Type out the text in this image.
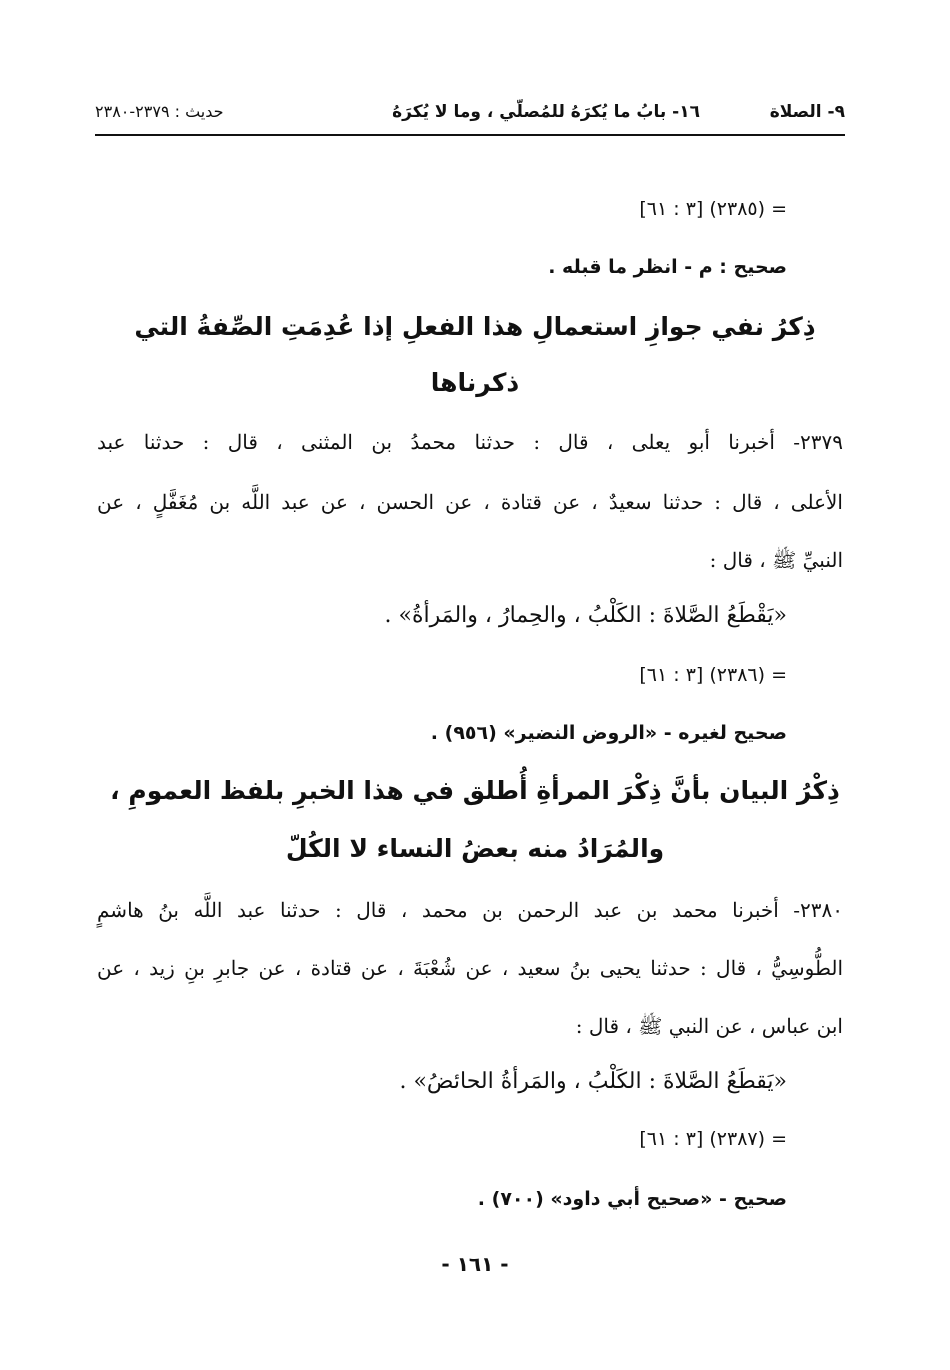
٩- الصلاة
١٦- بابُ ما يُكرَهُ للمُصلّي ، وما لا يُكرَهُ
حديث : ٢٣٧٩-٢٣٨٠
= (٢٣٨٥) [٣ : ٦١]
صحيح : م - انظر ما قبله .
ذِكرُ نفي جوازِ استعمالِ هذا الفعلِ إذا عُدِمَتِ الصِّفةُ التي
ذكرناها
٢٣٧٩- أخبرنا أبو يعلى ، قال : حدثنا محمدُ بن المثنى ، قال : حدثنا عبد
الأعلى ، قال : حدثنا سعيدٌ ، عن قتادة ، عن الحسن ، عن عبد اللَّه بن مُغَفَّلٍ ، عن
النبيِّ ﷺ ، قال :
«يَقْطَعُ الصَّلاةَ : الكَلْبُ ، والحِمارُ ، والمَرأةُ» .
= (٢٣٨٦) [٣ : ٦١]
صحيح لغيره - «الروض النضير» (٩٥٦) .
ذِكْرُ البيان بأنَّ ذِكْرَ المرأةِ أُطلق في هذا الخبرِ بلفظ العمومِ ،
والمُرَادُ منه بعضُ النساء لا الكُلّ
٢٣٨٠- أخبرنا محمد بن عبد الرحمن بن محمد ، قال : حدثنا عبد اللَّه بنُ هاشمٍ
الطُّوسِيُّ ، قال : حدثنا يحيى بنُ سعيد ، عن شُعْبَةَ ، عن قتادة ، عن جابرِ بنِ زيد ، عن
ابن عباس ، عن النبي ﷺ ، قال :
«يَقطَعُ الصَّلاةَ : الكَلْبُ ، والمَرأةُ الحائضُ» .
= (٢٣٨٧) [٣ : ٦١]
صحيح - «صحيح أبي داود» (٧٠٠) .
- ١٦١ -
